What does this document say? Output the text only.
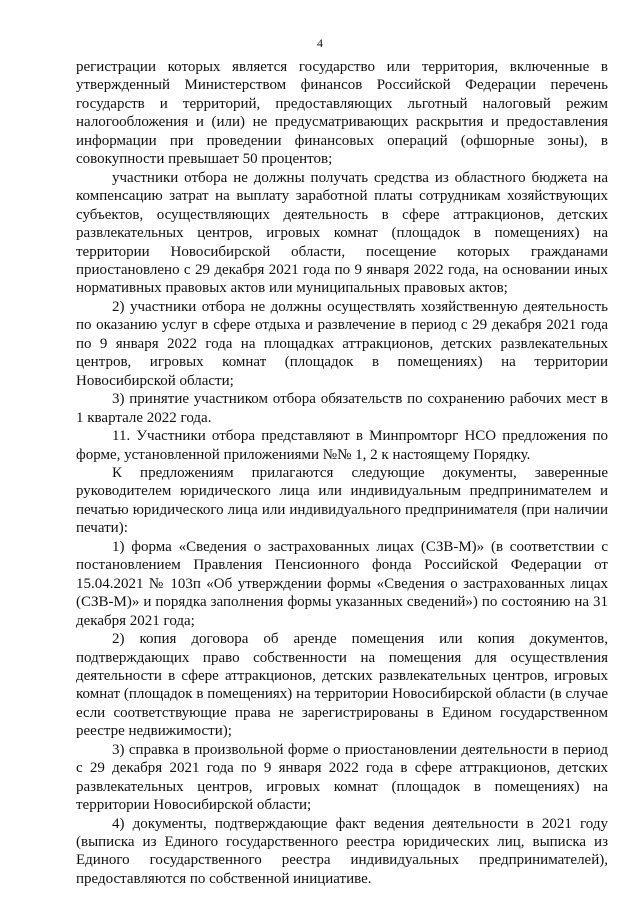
4

регистрации которых является государство или территория, включенные в утвержденный Министерством финансов Российской Федерации перечень государств и территорий, предоставляющих льготный налоговый режим налогообложения и (или) не предусматривающих раскрытия и предоставления информации при проведении финансовых операций (офшорные зоны), в совокупности превышает 50 процентов;

участники отбора не должны получать средства из областного бюджета на компенсацию затрат на выплату заработной платы сотрудникам хозяйствующих субъектов, осуществляющих деятельность в сфере аттракционов, детских развлекательных центров, игровых комнат (площадок в помещениях) на территории Новосибирской области, посещение которых гражданами приостановлено с 29 декабря 2021 года по 9 января 2022 года, на основании иных нормативных правовых актов или муниципальных правовых актов;

2) участники отбора не должны осуществлять хозяйственную деятельность по оказанию услуг в сфере отдыха и развлечение в период с 29 декабря 2021 года по 9 января 2022 года на площадках аттракционов, детских развлекательных центров, игровых комнат (площадок в помещениях) на территории Новосибирской области;

3) принятие участником отбора обязательств по сохранению рабочих мест в 1 квартале 2022 года.

11. Участники отбора представляют в Минпромторг НСО предложения по форме, установленной приложениями №№ 1, 2 к настоящему Порядку.

К предложениям прилагаются следующие документы, заверенные руководителем юридического лица или индивидуальным предпринимателем и печатью юридического лица или индивидуального предпринимателя (при наличии печати):

1) форма «Сведения о застрахованных лицах (СЗВ-М)» (в соответствии с постановлением Правления Пенсионного фонда Российской Федерации от 15.04.2021 № 103п «Об утверждении формы «Сведения о застрахованных лицах (СЗВ-М)» и порядка заполнения формы указанных сведений») по состоянию на 31 декабря 2021 года;

2) копия договора об аренде помещения или копия документов, подтверждающих право собственности на помещения для осуществления деятельности в сфере аттракционов, детских развлекательных центров, игровых комнат (площадок в помещениях) на территории Новосибирской области (в случае если соответствующие права не зарегистрированы в Едином государственном реестре недвижимости);

3) справка в произвольной форме о приостановлении деятельности в период с 29 декабря 2021 года по 9 января 2022 года в сфере аттракционов, детских развлекательных центров, игровых комнат (площадок в помещениях) на территории Новосибирской области;

4) документы, подтверждающие факт ведения деятельности в 2021 году (выписка из Единого государственного реестра юридических лиц, выписка из Единого государственного реестра индивидуальных предпринимателей), предоставляются по собственной инициативе.
